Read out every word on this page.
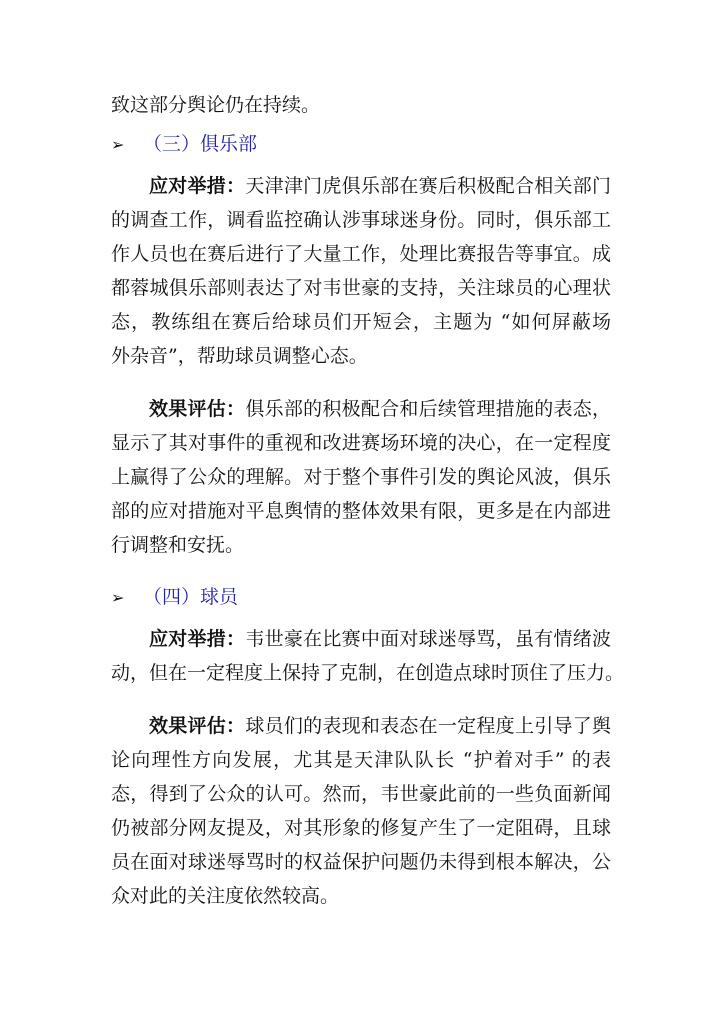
致这部分舆论仍在持续。
➢ （三）俱乐部
应对举措：天津津门虎俱乐部在赛后积极配合相关部门
的调查工作，调看监控确认涉事球迷身份。同时，俱乐部工
作人员也在赛后进行了大量工作，处理比赛报告等事宜。成
都蓉城俱乐部则表达了对韦世豪的支持，关注球员的心理状
态，教练组在赛后给球员们开短会，主题为 “如何屏蔽场
外杂音”，帮助球员调整心态。
效果评估：俱乐部的积极配合和后续管理措施的表态，
显示了其对事件的重视和改进赛场环境的决心，在一定程度
上赢得了公众的理解。对于整个事件引发的舆论风波，俱乐
部的应对措施对平息舆情的整体效果有限，更多是在内部进
行调整和安抚。
➢ （四）球员
应对举措：韦世豪在比赛中面对球迷辱骂，虽有情绪波
动，但在一定程度上保持了克制，在创造点球时顶住了压力。
效果评估：球员们的表现和表态在一定程度上引导了舆
论向理性方向发展，尤其是天津队队长 “护着对手” 的表
态，得到了公众的认可。然而，韦世豪此前的一些负面新闻
仍被部分网友提及，对其形象的修复产生了一定阻碍，且球
员在面对球迷辱骂时的权益保护问题仍未得到根本解决，公
众对此的关注度依然较高。
